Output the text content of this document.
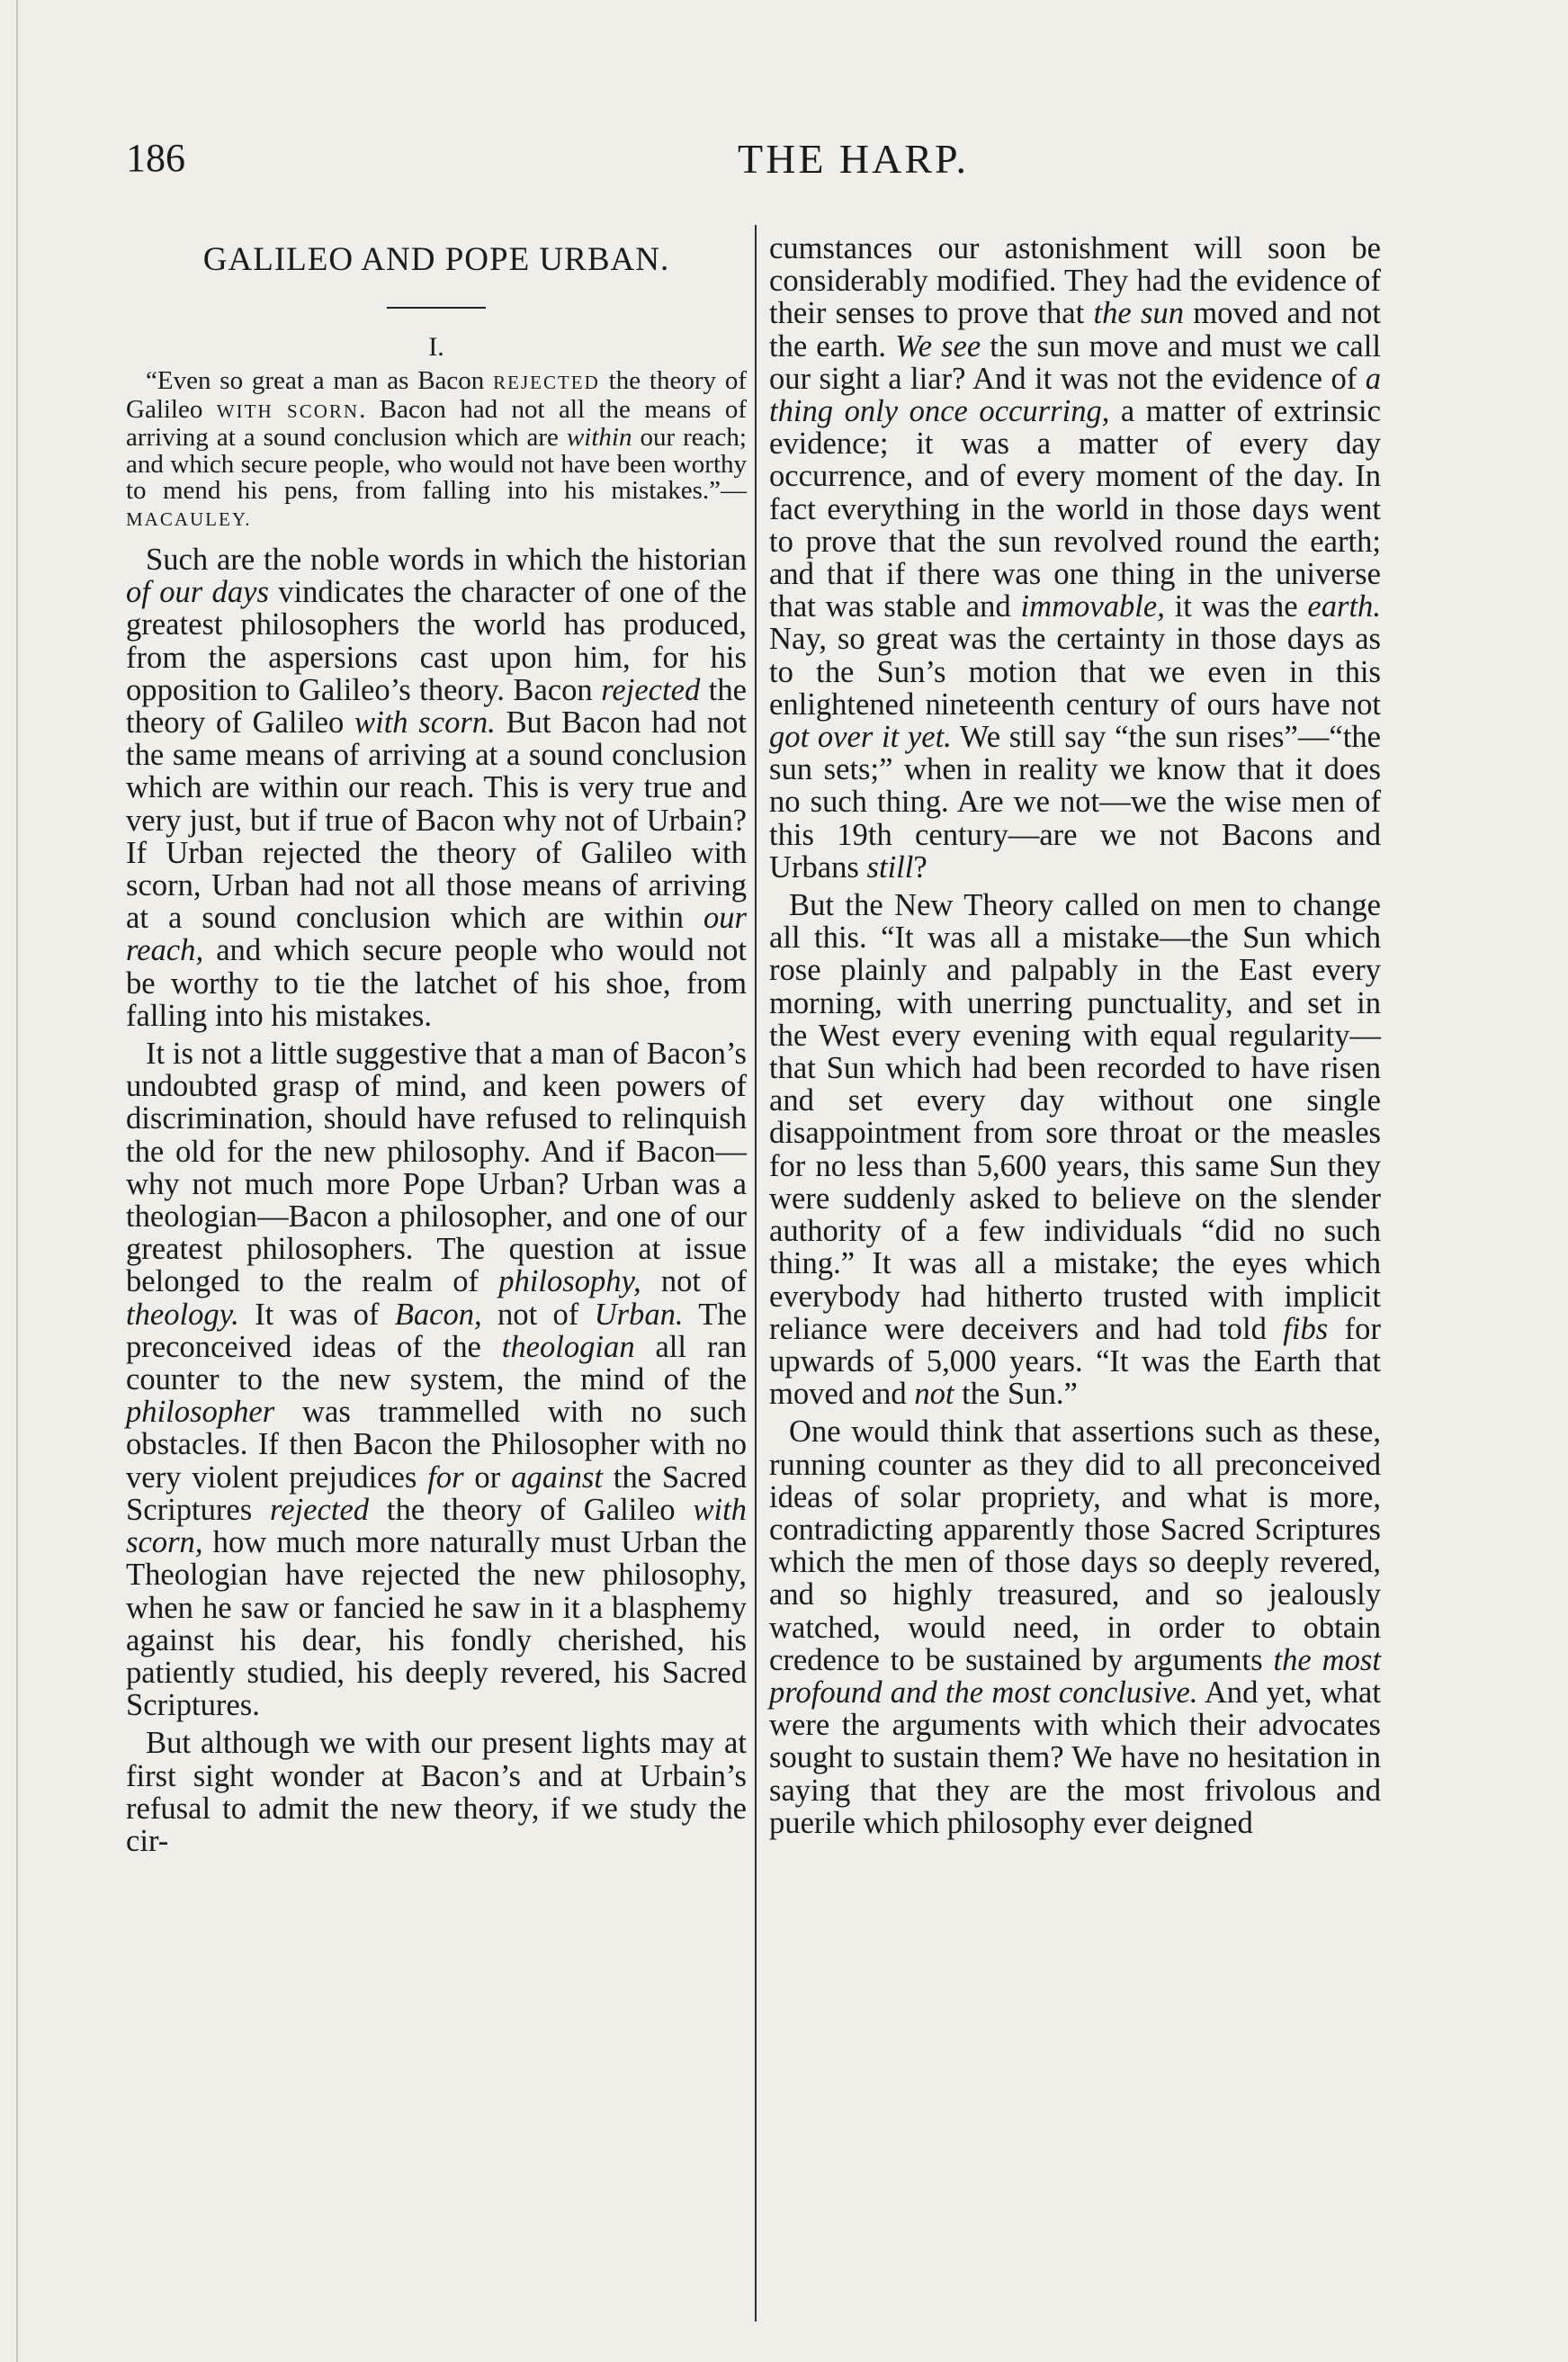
186	THE HARP.
GALILEO AND POPE URBAN.
I.
“Even so great a man as Bacon REJECTED the theory of Galileo WITH SCORN. Bacon had not all the means of arriving at a sound conclusion which are within our reach; and which secure people, who would not have been worthy to mend his pens, from falling into his mistakes.”—MACAULEY.

Such are the noble words in which the historian of our days vindicates the character of one of the greatest philosophers the world has produced, from the aspersions cast upon him, for his opposition to Galileo’s theory. Bacon rejected the theory of Galileo with scorn. But Bacon had not the same means of arriving at a sound conclusion which are within our reach. This is very true and very just, but if true of Bacon why not of Urbain? If Urban rejected the theory of Galileo with scorn, Urban had not all those means of arriving at a sound conclusion which are within our reach, and which secure people who would not be worthy to tie the latchet of his shoe, from falling into his mistakes.

It is not a little suggestive that a man of Bacon’s undoubted grasp of mind, and keen powers of discrimination, should have refused to relinquish the old for the new philosophy. And if Bacon—why not much more Pope Urban? Urban was a theologian—Bacon a philosopher, and one of our greatest philosophers. The question at issue belonged to the realm of philosophy, not of theology. It was of Bacon, not of Urban. The preconceived ideas of the theologian all ran counter to the new system, the mind of the philosopher was trammelled with no such obstacles. If then Bacon the Philosopher with no very violent prejudices for or against the Sacred Scriptures rejected the theory of Galileo with scorn, how much more naturally must Urban the Theologian have rejected the new philosophy, when he saw or fancied he saw in it a blasphemy against his dear, his fondly cherished, his patiently studied, his deeply revered, his Sacred Scriptures.

But although we with our present lights may at first sight wonder at Bacon’s and at Urbain’s refusal to admit the new theory, if we study the cir-

cumstances our astonishment will soon be considerably modified. They had the evidence of their senses to prove that the sun moved and not the earth. We see the sun move and must we call our sight a liar? And it was not the evidence of a thing only once occurring, a matter of extrinsic evidence; it was a matter of every day occurrence, and of every moment of the day. In fact everything in the world in those days went to prove that the sun revolved round the earth; and that if there was one thing in the universe that was stable and immovable, it was the earth. Nay, so great was the certainty in those days as to the Sun’s motion that we even in this enlightened nineteenth century of ours have not got over it yet. We still say “the sun rises”—“the sun sets;” when in reality we know that it does no such thing. Are we not—we the wise men of this 19th century—are we not Bacons and Urbans still?

But the New Theory called on men to change all this. “It was all a mistake—the Sun which rose plainly and palpably in the East every morning, with unerring punctuality, and set in the West every evening with equal regularity—that Sun which had been recorded to have risen and set every day without one single disappointment from sore throat or the measles for no less than 5,600 years, this same Sun they were suddenly asked to believe on the slender authority of a few individuals “did no such thing.” It was all a mistake; the eyes which everybody had hitherto trusted with implicit reliance were deceivers and had told fibs for upwards of 5,000 years. “It was the Earth that moved and not the Sun.”

One would think that assertions such as these, running counter as they did to all preconceived ideas of solar propriety, and what is more, contradicting apparently those Sacred Scriptures which the men of those days so deeply revered, and so highly treasured, and so jealously watched, would need, in order to obtain credence to be sustained by arguments the most profound and the most conclusive. And yet, what were the arguments with which their advocates sought to sustain them? We have no hesitation in saying that they are the most frivolous and puerile which philosophy ever deigned
